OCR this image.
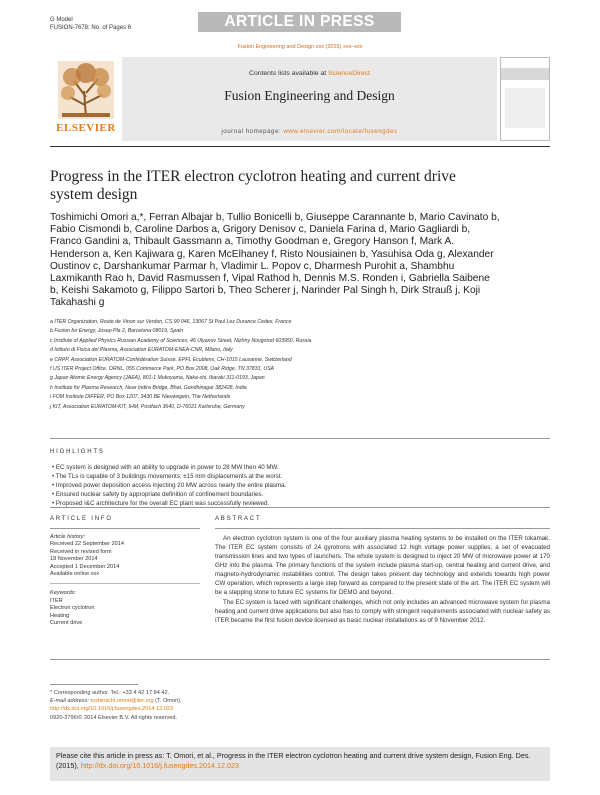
G Model
FUSION-7678; No. of Pages 6	ARTICLE IN PRESS
Fusion Engineering and Design xxx (2015) xxx–xxx
ELSEVIER
Contents lists available at ScienceDirect
Fusion Engineering and Design
journal homepage: www.elsevier.com/locate/fusengdes
Progress in the ITER electron cyclotron heating and current drive system design
Toshimichi Omori a,*, Ferran Albajar b, Tullio Bonicelli b, Giuseppe Carannante b, Mario Cavinato b, Fabio Cismondi b, Caroline Darbos a, Grigory Denisov c, Daniela Farina d, Mario Gagliardi b, Franco Gandini a, Thibault Gassmann a, Timothy Goodman e, Gregory Hanson f, Mark A. Henderson a, Ken Kajiwara g, Karen McElhaney f, Risto Nousiainen b, Yasuhisa Oda g, Alexander Oustinov c, Darshankumar Parmar h, Vladimir L. Popov c, Dharmesh Purohit a, Shambhu Laxmikanth Rao h, David Rasmussen f, Vipal Rathod h, Dennis M.S. Ronden i, Gabriella Saibene b, Keishi Sakamoto g, Filippo Sartori b, Theo Scherer j, Narinder Pal Singh h, Dirk Strauß j, Koji Takahashi g
a ITER Organization, Route de Vinon sur Verdon, CS 90 046, 13067 St Paul Lez Durance Cedex, France
b Fusion for Energy, Josep Pla 2, Barcelona 08019, Spain
c Institute of Applied Physics Russian Academy of Sciences, 46 Ulyanov Street, Nizhny Novgorod 603950, Russia
d Istituto di Fisica del Plasma, Association EURATOM-ENEA-CNR, Milano, Italy
e CRPP, Association EURATOM-Confédération Suisse, EPFL Ecublens, CH-1015 Lausanne, Switzerland
f US ITER Project Office, ORNL, 055 Commerce Park, PO Box 2008, Oak Ridge, TN 37831, USA
g Japan Atomic Energy Agency (JAEA), 801-1 Mukoyama, Naka-shi, Ibaraki 311-0193, Japan
h Institute for Plasma Research, Near Indira Bridge, Bhat, Gandhinagar 382428, India
i FOM Institute DIFFER, PO Box 1207, 3430 BE Nieuwegein, The Netherlands
j KIT, Association EURATOM-KIT, IHM, Postfach 3640, D-76021 Karlsruhe, Germany
HIGHLIGHTS
• EC system is designed with an ability to upgrade in power to 28 MW then 40 MW.
• The TLs is capable of 3 buildings movements; ±15 mm displacements at the worst.
• Improved power deposition access injecting 20 MW across nearly the entire plasma.
• Ensured nuclear safety by appropriate definition of confinement boundaries.
• Proposed I&C architecture for the overall EC plant was successfully reviewed.
ARTICLE INFO	ABSTRACT
Article history:
Received 22 September 2014
Received in revised form
18 November 2014
Accepted 1 December 2014
Available online xxx
Keywords:
ITER
Electron cyclotron
Heating
Current drive

An electron cyclotron system is one of the four auxiliary plasma heating systems to be installed on the ITER tokamak. The ITER EC system consists of 24 gyrotrons with associated 12 high voltage power supplies, a set of evacuated transmission lines and two types of launchers. The whole system is designed to inject 20 MW of microwave power at 170 GHz into the plasma. The primary functions of the system include plasma start-up, central heating and current drive, and magneto-hydrodynamic instabilities control. The design takes present day technology and extends towards high power CW operation, which represents a large step forward as compared to the present state of the art. The ITER EC system will be a stepping stone to future EC systems for DEMO and beyond.

The EC system is faced with significant challenges, which not only includes an advanced microwave system for plasma heating and current drive applications but also has to comply with stringent requirements associated with nuclear safety as ITER became the first fusion device licensed as basic nuclear installations as of 9 November 2012.

* Corresponding author. Tel.: +33 4 42 17 84 42.
E-mail address: toshimichi.omori@iter.org (T. Omori).
http://dx.doi.org/10.1016/j.fusengdes.2014.12.023
0920-3796/© 2014 Elsevier B.V. All rights reserved.
Please cite this article in press as: T. Omori, et al., Progress in the ITER electron cyclotron heating and current drive system design, Fusion Eng. Des. (2015), http://dx.doi.org/10.1016/j.fusengdes.2014.12.023
